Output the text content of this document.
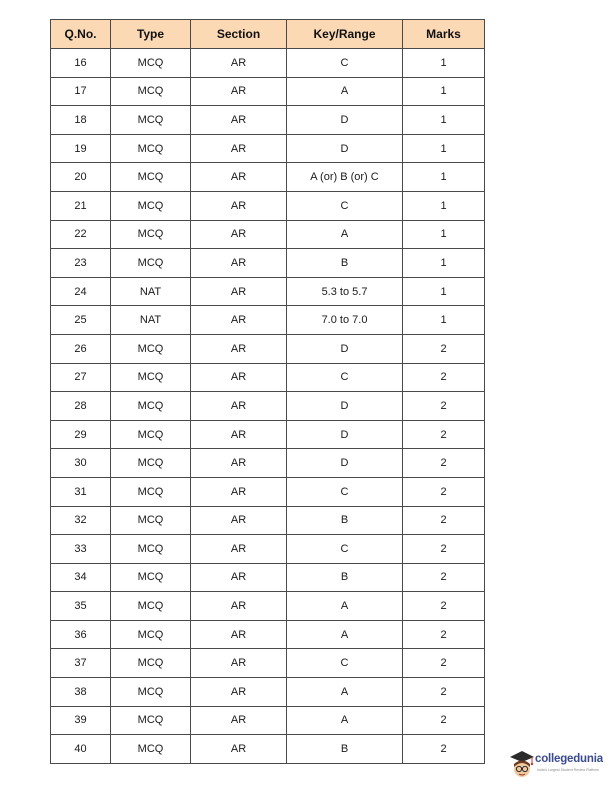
Q.No.	Type	Section	Key/Range	Marks
16	MCQ	AR	C	1
17	MCQ	AR	A	1
18	MCQ	AR	D	1
19	MCQ	AR	D	1
20	MCQ	AR	A (or) B (or) C	1
21	MCQ	AR	C	1
22	MCQ	AR	A	1
23	MCQ	AR	B	1
24	NAT	AR	5.3 to 5.7	1
25	NAT	AR	7.0 to 7.0	1
26	MCQ	AR	D	2
27	MCQ	AR	C	2
28	MCQ	AR	D	2
29	MCQ	AR	D	2
30	MCQ	AR	D	2
31	MCQ	AR	C	2
32	MCQ	AR	B	2
33	MCQ	AR	C	2
34	MCQ	AR	B	2
35	MCQ	AR	A	2
36	MCQ	AR	A	2
37	MCQ	AR	C	2
38	MCQ	AR	A	2
39	MCQ	AR	A	2
40	MCQ	AR	B	2
collegedunia
India's Largest Student Review Platform
